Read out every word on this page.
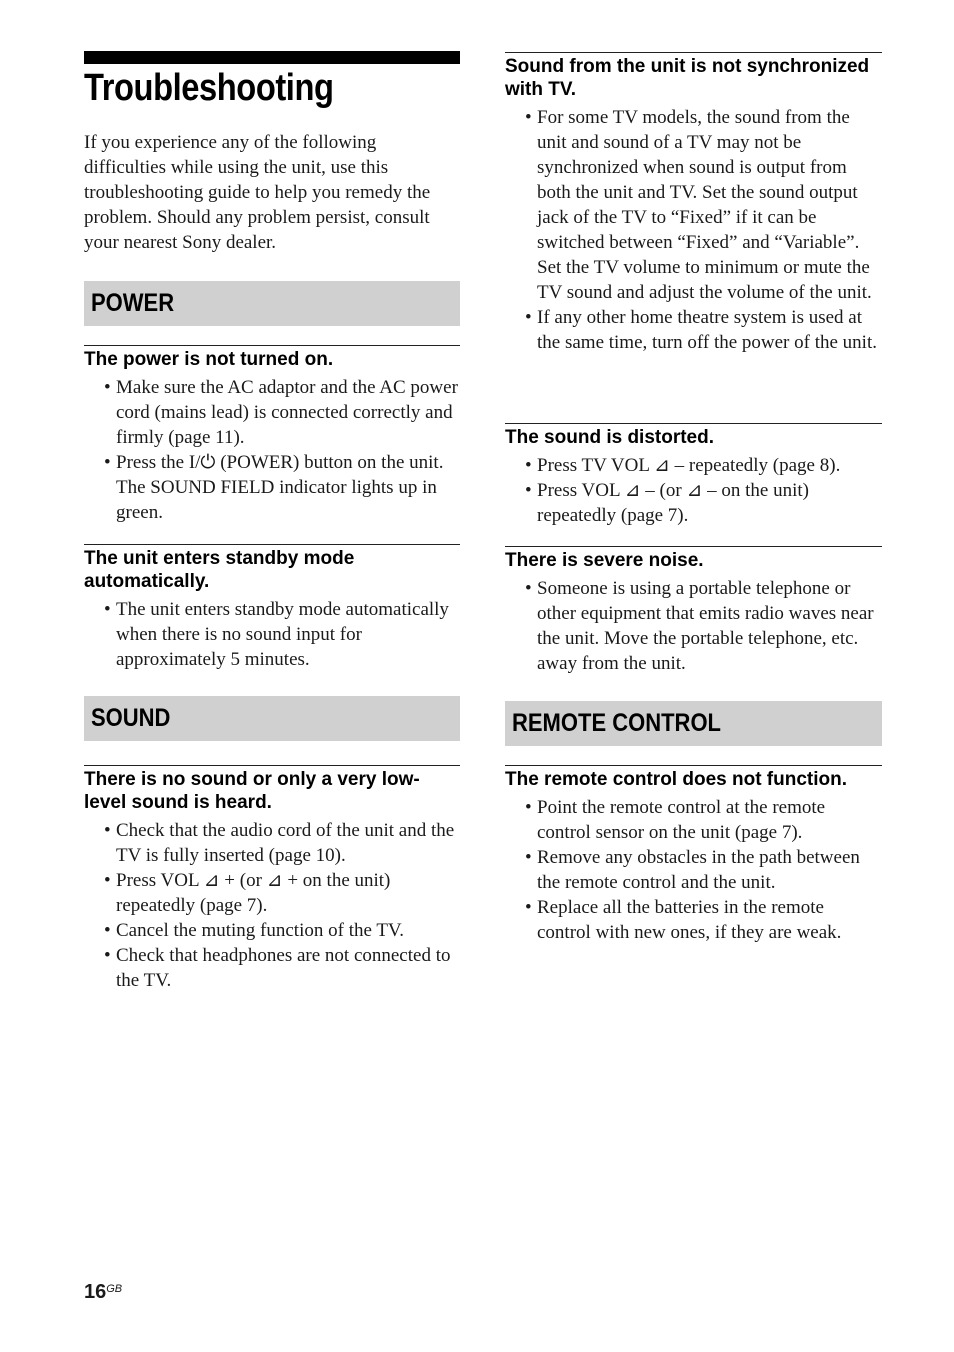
Troubleshooting

If you experience any of the following difficulties while using the unit, use this troubleshooting guide to help you remedy the problem. Should any problem persist, consult your nearest Sony dealer.

POWER
The power is not turned on.
• Make sure the AC adaptor and the AC power cord (mains lead) is connected correctly and firmly (page 11).
• Press the I/⏻ (POWER) button on the unit. The SOUND FIELD indicator lights up in green.
The unit enters standby mode automatically.
• The unit enters standby mode automatically when there is no sound input for approximately 5 minutes.
SOUND
There is no sound or only a very low-level sound is heard.
• Check that the audio cord of the unit and the TV is fully inserted (page 10).
• Press VOL ⊿ + (or ⊿ + on the unit) repeatedly (page 7).
• Cancel the muting function of the TV.
• Check that headphones are not connected to the TV.
Sound from the unit is not synchronized with TV.
• For some TV models, the sound from the unit and sound of a TV may not be synchronized when sound is output from both the unit and TV. Set the sound output jack of the TV to “Fixed” if it can be switched between “Fixed” and “Variable”. Set the TV volume to minimum or mute the TV sound and adjust the volume of the unit.
• If any other home theatre system is used at the same time, turn off the power of the unit.
The sound is distorted.
• Press TV VOL ⊿ – repeatedly (page 8).
• Press VOL ⊿ – (or ⊿ – on the unit) repeatedly (page 7).
There is severe noise.
• Someone is using a portable telephone or other equipment that emits radio waves near the unit. Move the portable telephone, etc. away from the unit.
REMOTE CONTROL
The remote control does not function.
• Point the remote control at the remote control sensor on the unit (page 7).
• Remove any obstacles in the path between the remote control and the unit.
• Replace all the batteries in the remote control with new ones, if they are weak.
$16^{GB}$
